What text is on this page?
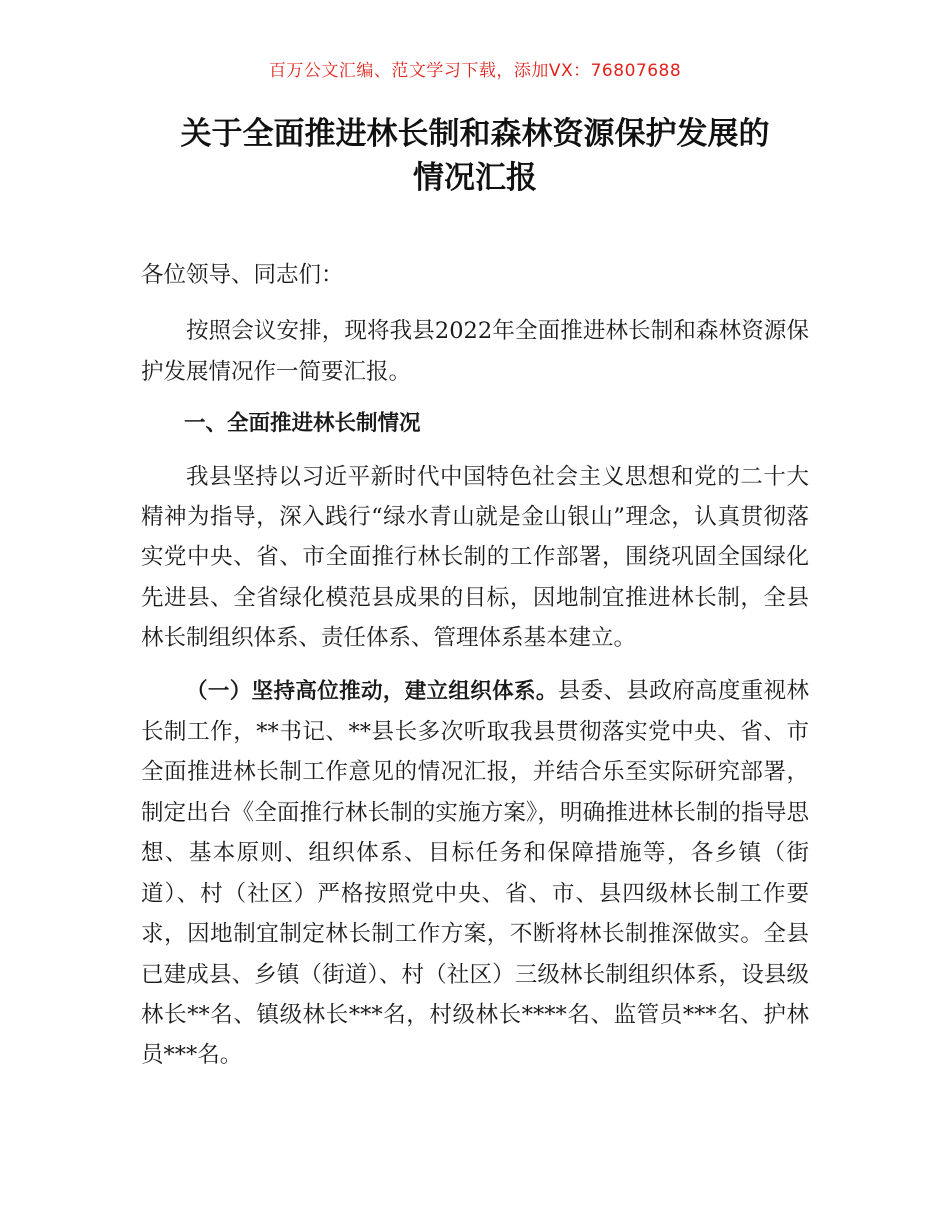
百万公文汇编、范文学习下载，添加VX：76807688
关于全面推进林长制和森林资源保护发展的
情况汇报

各位领导、同志们：

按照会议安排，现将我县2022年全面推进林长制和森林资源保护发展情况作一简要汇报。

一、全面推进林长制情况

我县坚持以习近平新时代中国特色社会主义思想和党的二十大精神为指导，深入践行“绿水青山就是金山银山”理念，认真贯彻落实党中央、省、市全面推行林长制的工作部署，围绕巩固全国绿化先进县、全省绿化模范县成果的目标，因地制宜推进林长制，全县林长制组织体系、责任体系、管理体系基本建立。

（一）坚持高位推动，建立组织体系。县委、县政府高度重视林长制工作，**书记、**县长多次听取我县贯彻落实党中央、省、市全面推进林长制工作意见的情况汇报，并结合乐至实际研究部署，制定出台《全面推行林长制的实施方案》，明确推进林长制的指导思想、基本原则、组织体系、目标任务和保障措施等，各乡镇（街道）、村（社区）严格按照党中央、省、市、县四级林长制工作要求，因地制宜制定林长制工作方案，不断将林长制推深做实。全县已建成县、乡镇（街道）、村（社区）三级林长制组织体系，设县级林长**名、镇级林长***名，村级林长****名、监管员***名、护林员***名。
